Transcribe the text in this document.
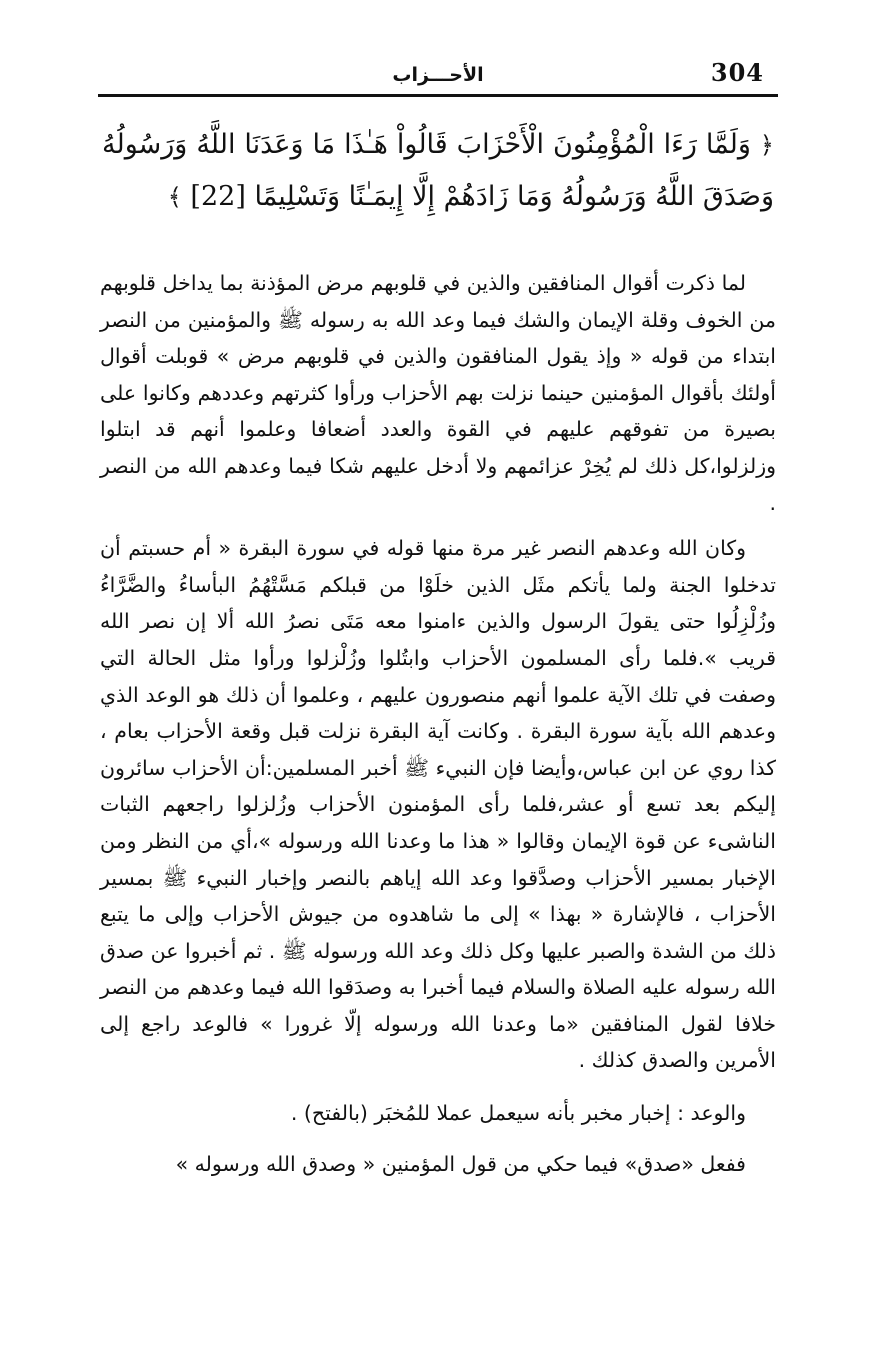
304
الأحـــزاب
﴿ وَلَمَّا رَءَا الْمُؤْمِنُونَ الْأَحْزَابَ قَالُواْ هَـٰذَا مَا وَعَدَنَا اللَّهُ وَرَسُولُهُ وَصَدَقَ اللَّهُ وَرَسُولُهُ وَمَا زَادَهُمْ إِلَّا إِيمَـٰنًا وَتَسْلِيمًا [22] ﴾

لما ذكرت أقوال المنافقين والذين في قلوبهم مرض المؤذنة بما يداخل قلوبهم من الخوف وقلة الإيمان والشك فيما وعد الله به رسوله ﷺ والمؤمنين من النصر ابتداء من قوله « وإذ يقول المنافقون والذين في قلوبهم مرض » قوبلت أقوال أولئك بأقوال المؤمنين حينما نزلت بهم الأحزاب ورأوا كثرتهم وعددهم وكانوا على بصيرة من تفوقهم عليهم في القوة والعدد أضعافا وعلموا أنهم قد ابتلوا وزلزلوا،كل ذلك لم يُخِرْ عزائمهم ولا أدخل عليهم شكا فيما وعدهم الله من النصر .

وكان الله وعدهم النصر غير مرة منها قوله في سورة البقرة « أم حسبتم أن تدخلوا الجنة ولما يأتكم مثَل الذين خلَوْا من قبلكم مَسَّتْهُمُ البأساءُ والضَّرَّاءُ وزُلْزِلُوا حتى يقولَ الرسول والذين ءامنوا معه مَتَى نصرُ الله ألا إن نصر الله قريب ».فلما رأى المسلمون الأحزاب وابتُلوا وزُلْزلوا ورأوا مثل الحالة التي وصفت في تلك الآية علموا أنهم منصورون عليهم ، وعلموا أن ذلك هو الوعد الذي وعدهم الله بآية سورة البقرة . وكانت آية البقرة نزلت قبل وقعة الأحزاب بعام ، كذا روي عن ابن عباس،وأيضا فإن النبيء ﷺ أخبر المسلمين:أن الأحزاب سائرون إليكم بعد تسع أو عشر،فلما رأى المؤمنون الأحزاب وزُلزلوا راجعهم الثبات الناشىء عن قوة الإيمان وقالوا « هذا ما وعدنا الله ورسوله »،أي من النظر ومن الإخبار بمسير الأحزاب وصدَّقوا وعد الله إياهم بالنصر وإخبار النبيء ﷺ بمسير الأحزاب ، فالإشارة « بهذا » إلى ما شاهدوه من جيوش الأحزاب وإلى ما يتبع ذلك من الشدة والصبر عليها وكل ذلك وعد الله ورسوله ﷺ . ثم أخبروا عن صدق الله رسوله عليه الصلاة والسلام فيما أخبرا به وصدَقوا الله فيما وعدهم من النصر خلافا لقول المنافقين «ما وعدنا الله ورسوله إلّا غرورا » فالوعد راجع إلى الأمرين والصدق كذلك .

والوعد : إخبار مخبر بأنه سيعمل عملا للمُخبَر (بالفتح) .

ففعل «صدق» فيما حكي من قول المؤمنين « وصدق الله ورسوله »
